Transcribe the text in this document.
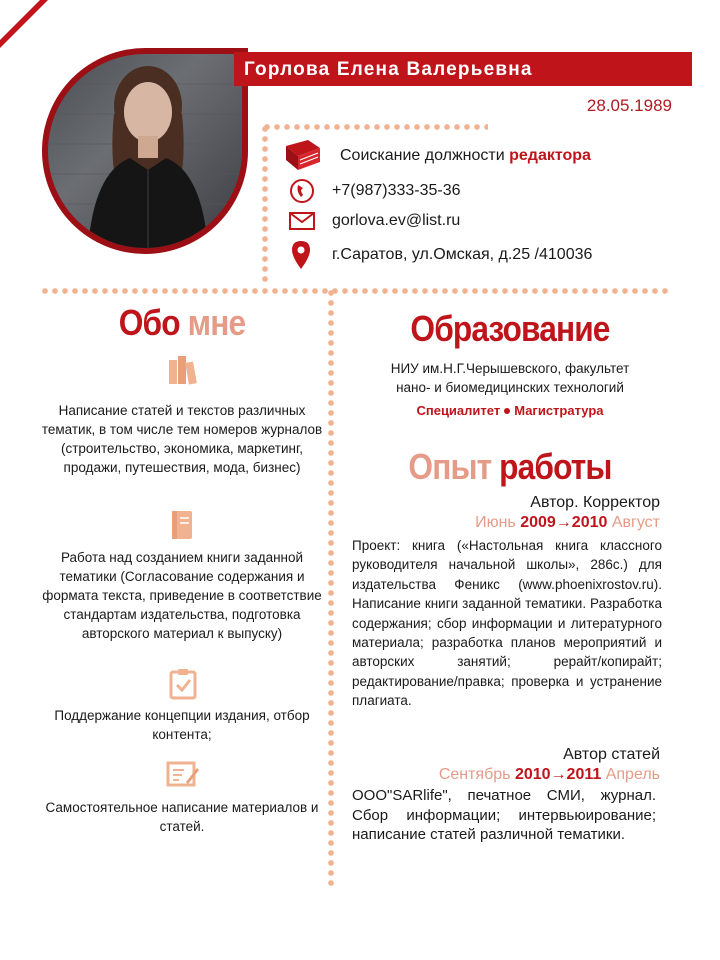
Горлова Елена Валерьевна
28.05.1989
Соискание должности редактора
+7(987)333-35-36
gorlova.ev@list.ru
г.Саратов, ул.Омская, д.25 /410036
Обо мне
Написание статей и текстов различных тематик, в том числе тем номеров журналов (строительство, экономика, маркетинг, продажи, путешествия, мода, бизнес)
Работа над созданием книги заданной тематики (Согласование содержания и формата текста, приведение в соответствие стандартам издательства, подготовка авторского материал к выпуску)
Поддержание концепции издания, отбор контента;
Самостоятельное написание материалов и статей.
Образование
НИУ им.Н.Г.Черышевского, факультет
нано- и биомедицинских технологий
Специалитет Магистратура
Опыт работы
Автор. Корректор
Июнь 2009→2010 Август
Проект: книга («Настольная книга классного руководителя начальной школы», 286с.) для издательства Феникс (www.phoenixrostov.ru). Написание книги заданной тематики. Разработка содержания; сбор информации и литературного материала; разработка планов мероприятий и авторских занятий; рерайт/копирайт; редактирование/правка; проверка и устранение плагиата.
Автор статей
Сентябрь 2010→2011 Апрель
ООО"SARlife", печатное СМИ, журнал. Сбор информации; интервьюирование; написание статей различной тематики.
